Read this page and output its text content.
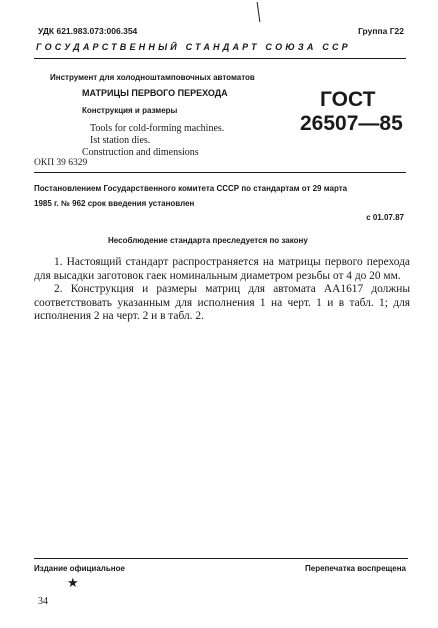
УДК 621.983.073:006.354	Группа Г22
ГОСУДАРСТВЕННЫЙ СТАНДАРТ СОЮЗА ССР
Инструмент для холодноштамповочных автоматов
МАТРИЦЫ ПЕРВОГО ПЕРЕХОДА
Конструкция и размеры
Tools for cold-forming machines.
Ist station dies.
Construction and dimensions
ГОСТ
26507—85
ОКП 39 6329
Постановлением Государственного комитета СССР по стандартам от 29 марта
1985 г. № 962 срок введения установлен
с 01.07.87
Несоблюдение стандарта преследуется по закону

1. Настоящий стандарт распространяется на матрицы первого перехода для высадки заготовок гаек номинальным диаметром резьбы от 4 до 20 мм.

2. Конструкция и размеры матриц для автомата АА1617 должны соответствовать указанным для исполнения 1 на черт. 1 и в табл. 1; для исполнения 2 на черт. 2 и в табл. 2.

Издание официальное	Перепечатка воспрещена
★
34
